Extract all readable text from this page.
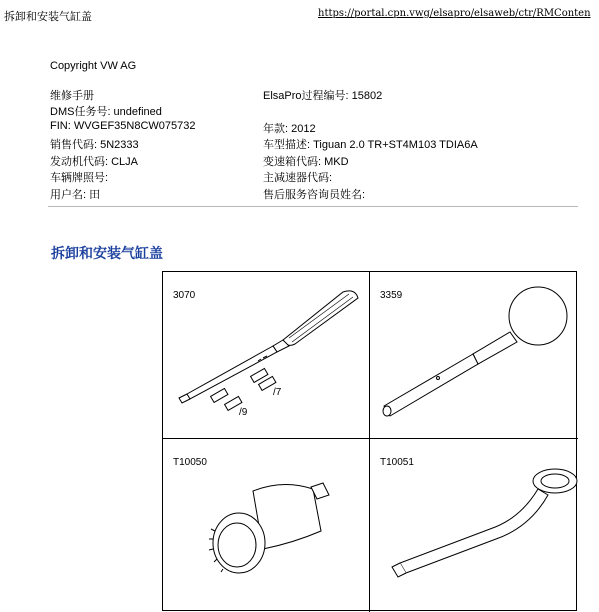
拆卸和安装气缸盖	https://portal.cpn.vwg/elsapro/elsaweb/ctr/RMConten
Copyright VW AG
维修手册
DMS任务号: undefined
FIN: WVGEF35N8CW075732
销售代码: 5N2333
发动机代码: CLJA
车辆牌照号:
用户名: 田
ElsaPro过程编号: 15802
年款: 2012
车型描述: Tiguan 2.0 TR+ST4M103 TDIA6A
变速箱代码: MKD
主减速器代码:
售后服务咨询员姓名:
拆卸和安装气缸盖
3070
/7
/9
3359
T10050	T10051
